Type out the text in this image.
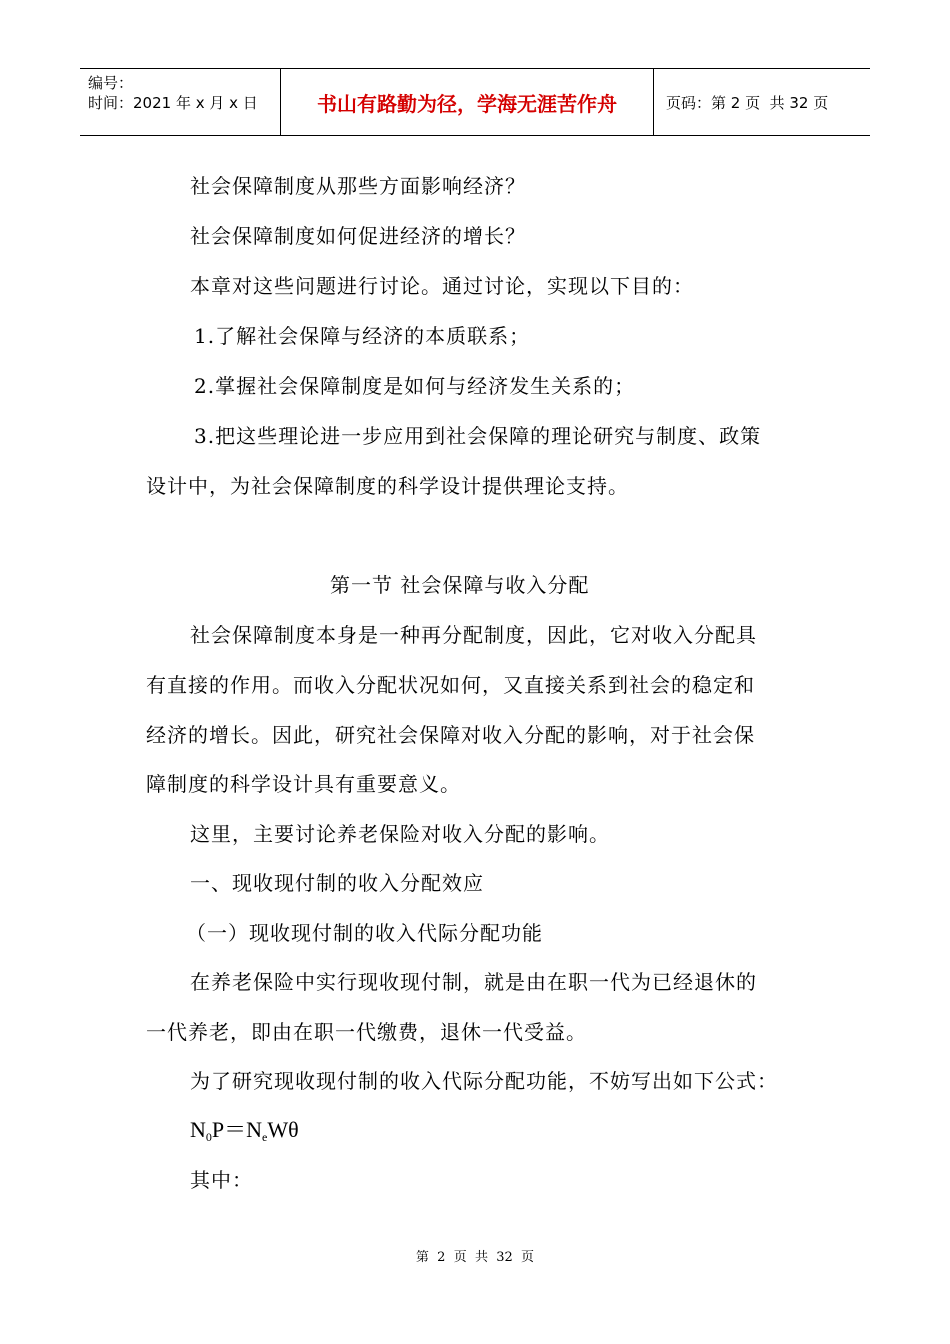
编号：
时间：2021 年 x 月 x 日	书山有路勤为径，学海无涯苦作舟	页码：第 2 页  共 32 页
社会保障制度从那些方面影响经济？
社会保障制度如何促进经济的增长？
本章对这些问题进行讨论。通过讨论，实现以下目的：
1.了解社会保障与经济的本质联系；
2.掌握社会保障制度是如何与经济发生关系的；
3.把这些理论进一步应用到社会保障的理论研究与制度、政策
设计中，为社会保障制度的科学设计提供理论支持。
第一节 社会保障与收入分配
社会保障制度本身是一种再分配制度，因此，它对收入分配具
有直接的作用。而收入分配状况如何，又直接关系到社会的稳定和
经济的增长。因此，研究社会保障对收入分配的影响，对于社会保
障制度的科学设计具有重要意义。
这里，主要讨论养老保险对收入分配的影响。
一、现收现付制的收入分配效应
（一）现收现付制的收入代际分配功能
在养老保险中实行现收现付制，就是由在职一代为已经退休的
一代养老，即由在职一代缴费，退休一代受益。
为了研究现收现付制的收入代际分配功能，不妨写出如下公式：
$N_0P=N_eW\theta$
其中：
第  2  页  共  32  页
